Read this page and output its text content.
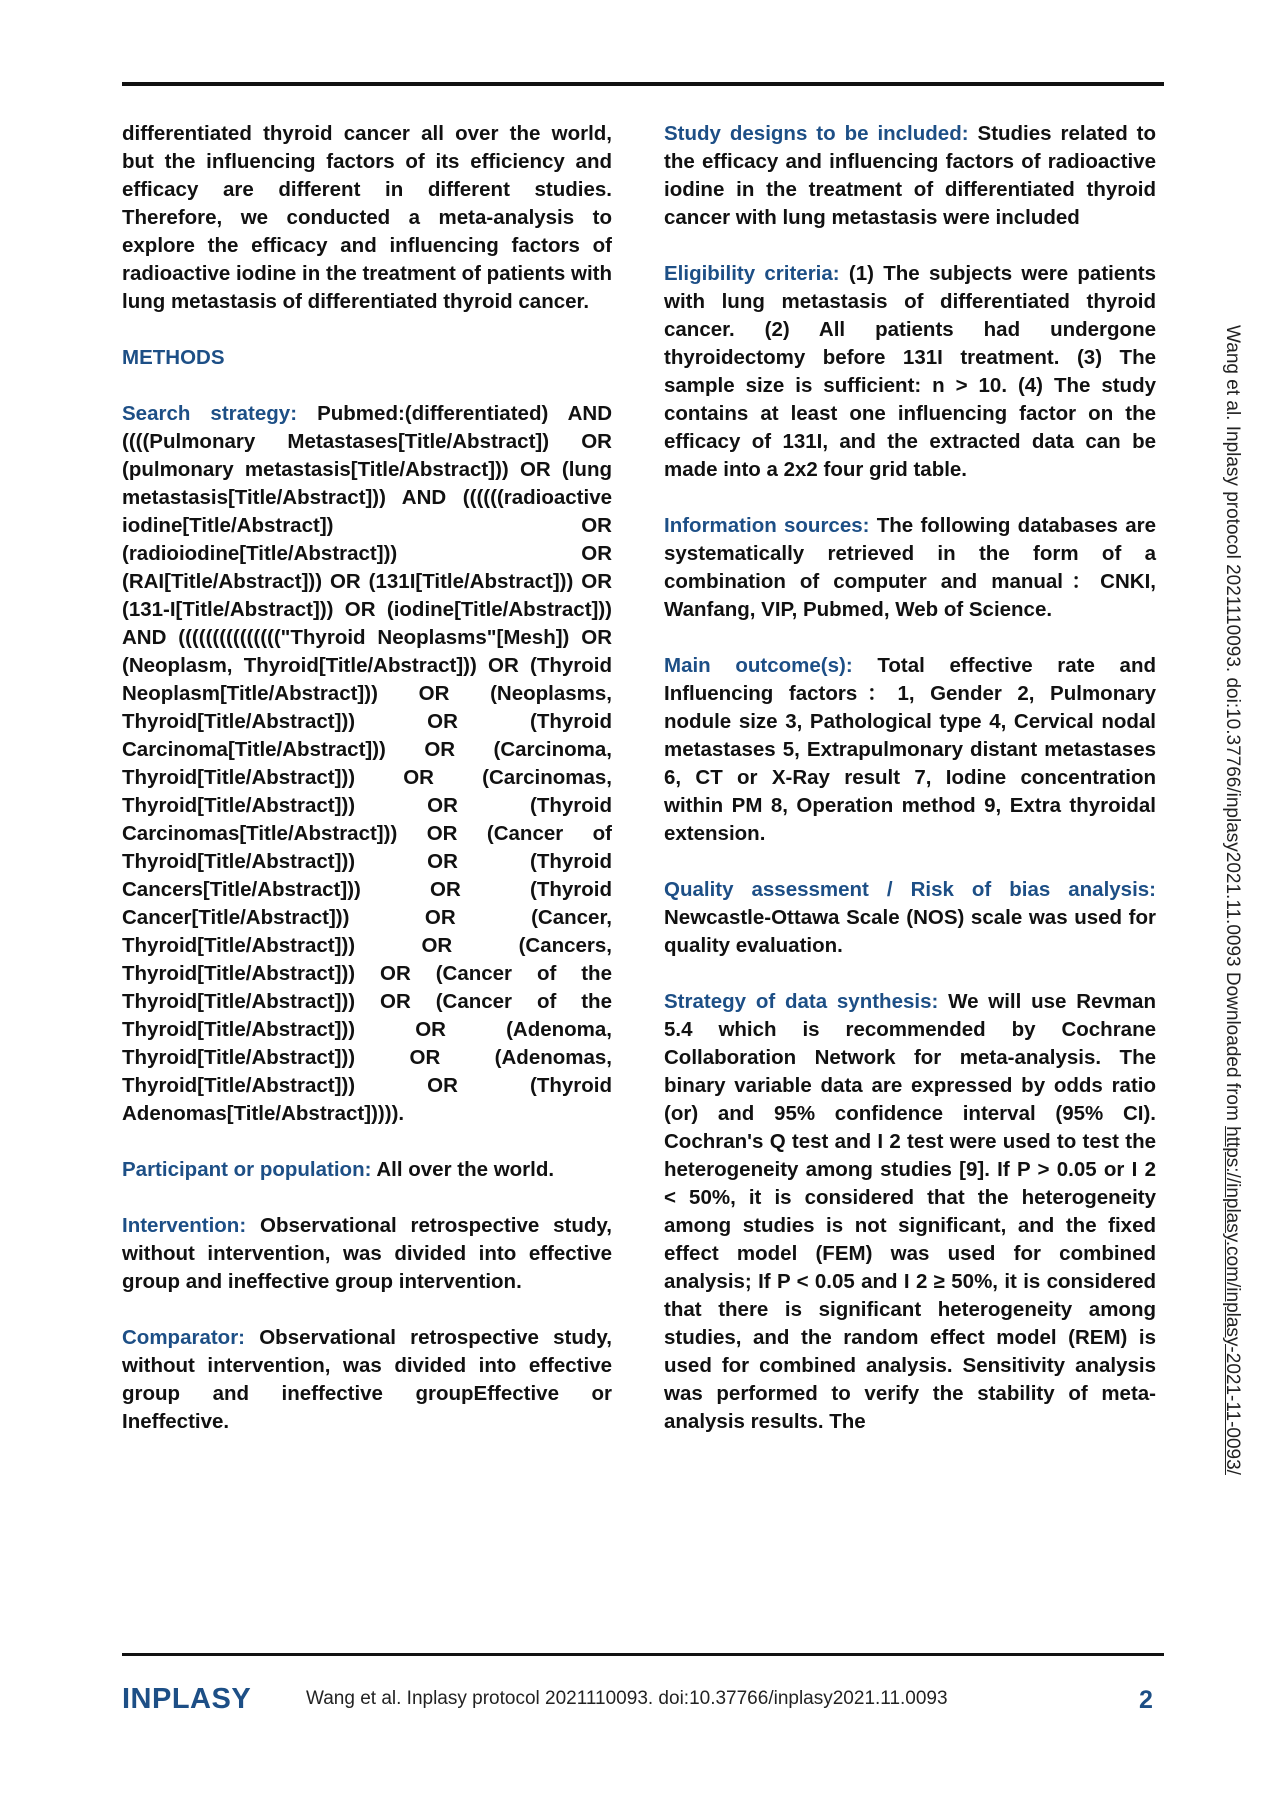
differentiated thyroid cancer all over the world, but the influencing factors of its efficiency and efficacy are different in different studies. Therefore, we conducted a meta-analysis to explore the efficacy and influencing factors of radioactive iodine in the treatment of patients with lung metastasis of differentiated thyroid cancer.

METHODS

Search strategy: Pubmed:(differentiated) AND ((((Pulmonary Metastases[Title/Abstract]) OR (pulmonary metastasis[Title/Abstract])) OR (lung metastasis[Title/Abstract])) AND ((((((radioactive iodine[Title/Abstract]) OR (radioiodine[Title/Abstract])) OR (RAI[Title/Abstract])) OR (131I[Title/Abstract])) OR (131-I[Title/Abstract])) OR (iodine[Title/Abstract])) AND ((((((((((((((("Thyroid Neoplasms"[Mesh]) OR (Neoplasm, Thyroid[Title/Abstract])) OR (Thyroid Neoplasm[Title/Abstract])) OR (Neoplasms, Thyroid[Title/Abstract])) OR (Thyroid Carcinoma[Title/Abstract])) OR (Carcinoma, Thyroid[Title/Abstract])) OR (Carcinomas, Thyroid[Title/Abstract])) OR (Thyroid Carcinomas[Title/Abstract])) OR (Cancer of Thyroid[Title/Abstract])) OR (Thyroid Cancers[Title/Abstract])) OR (Thyroid Cancer[Title/Abstract])) OR (Cancer, Thyroid[Title/Abstract])) OR (Cancers, Thyroid[Title/Abstract])) OR (Cancer of the Thyroid[Title/Abstract])) OR (Cancer of the Thyroid[Title/Abstract])) OR (Adenoma, Thyroid[Title/Abstract])) OR (Adenomas, Thyroid[Title/Abstract])) OR (Thyroid Adenomas[Title/Abstract])))).

Participant or population: All over the world.

Intervention: Observational retrospective study, without intervention, was divided into effective group and ineffective group intervention.

Comparator: Observational retrospective study, without intervention, was divided into effective group and ineffective groupEffective or Ineffective.

Study designs to be included: Studies related to the efficacy and influencing factors of radioactive iodine in the treatment of differentiated thyroid cancer with lung metastasis were included

Eligibility criteria: (1) The subjects were patients with lung metastasis of differentiated thyroid cancer. (2) All patients had undergone thyroidectomy before 131I treatment. (3) The sample size is sufficient: n > 10. (4) The study contains at least one influencing factor on the efficacy of 131I, and the extracted data can be made into a 2x2 four grid table.

Information sources: The following databases are systematically retrieved in the form of a combination of computer and manual：CNKI, Wanfang, VIP, Pubmed, Web of Science.

Main outcome(s): Total effective rate and Influencing factors：1, Gender 2, Pulmonary nodule size 3, Pathological type 4, Cervical nodal metastases 5, Extrapulmonary distant metastases 6, CT or X-Ray result 7, Iodine concentration within PM 8, Operation method 9, Extra thyroidal extension.

Quality assessment / Risk of bias analysis: Newcastle-Ottawa Scale (NOS) scale was used for quality evaluation.

Strategy of data synthesis: We will use Revman 5.4 which is recommended by Cochrane Collaboration Network for meta-analysis. The binary variable data are expressed by odds ratio (or) and 95% confidence interval (95% CI). Cochran's Q test and I 2 test were used to test the heterogeneity among studies [9]. If P > 0.05 or I 2 < 50%, it is considered that the heterogeneity among studies is not significant, and the fixed effect model (FEM) was used for combined analysis; If P < 0.05 and I 2 ≥ 50%, it is considered that there is significant heterogeneity among studies, and the random effect model (REM) is used for combined analysis. Sensitivity analysis was performed to verify the stability of meta-analysis results. The

Wang et al. Inplasy protocol 2021110093. doi:10.37766/inplasy2021.11.0093 Downloaded from https://inplasy.com/inplasy-2021-11-0093/
INPLASY	Wang et al. Inplasy protocol 2021110093. doi:10.37766/inplasy2021.11.0093	2
